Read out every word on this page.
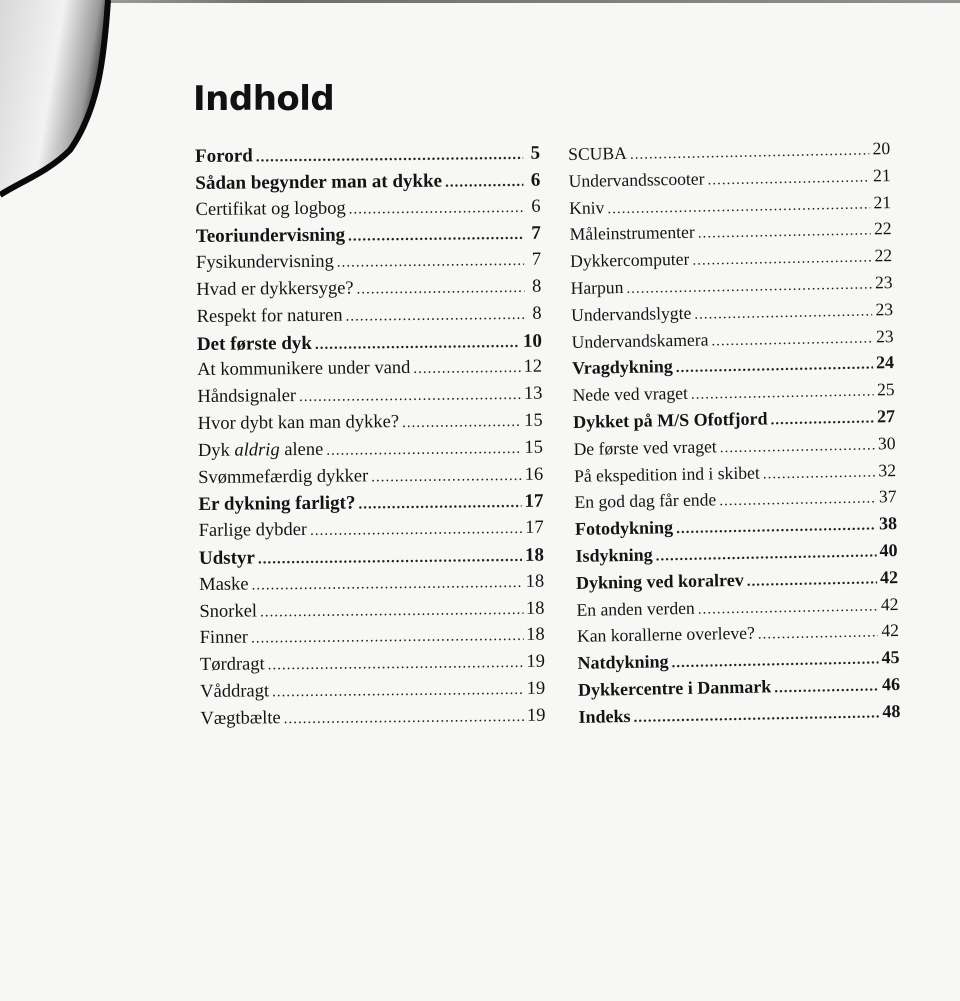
Indhold
Forord .....	5
Sådan begynder man at dykke .....	6
Certifikat og logbog .....	6
Teoriundervisning .....	7
Fysikundervisning .....	7
Hvad er dykkersyge? .....	8
Respekt for naturen .....	8
Det første dyk .....	10
At kommunikere under vand .....	12
Håndsignaler .....	13
Hvor dybt kan man dykke? .....	15
Dyk aldrig alene .....	15
Svømmefærdig dykker .....	16
Er dykning farligt? .....	17
Farlige dybder .....	17
Udstyr .....	18
Maske .....	18
Snorkel .....	18
Finner .....	18
Tørdragt .....	19
Våddragt .....	19
Vægtbælte .....	19
SCUBA .....	20
Undervandsscooter .....	21
Kniv .....	21
Måleinstrumenter .....	22
Dykkercomputer .....	22
Harpun .....	23
Undervandslygte .....	23
Undervandskamera .....	23
Vragdykning .....	24
Nede ved vraget .....	25
Dykket på M/S Ofotfjord .....	27
De første ved vraget .....	30
På ekspedition ind i skibet .....	32
En god dag får ende .....	37
Fotodykning .....	38
Isdykning .....	40
Dykning ved koralrev .....	42
En anden verden .....	42
Kan korallerne overleve? .....	42
Natdykning .....	45
Dykkercentre i Danmark .....	46
Indeks .....	48
